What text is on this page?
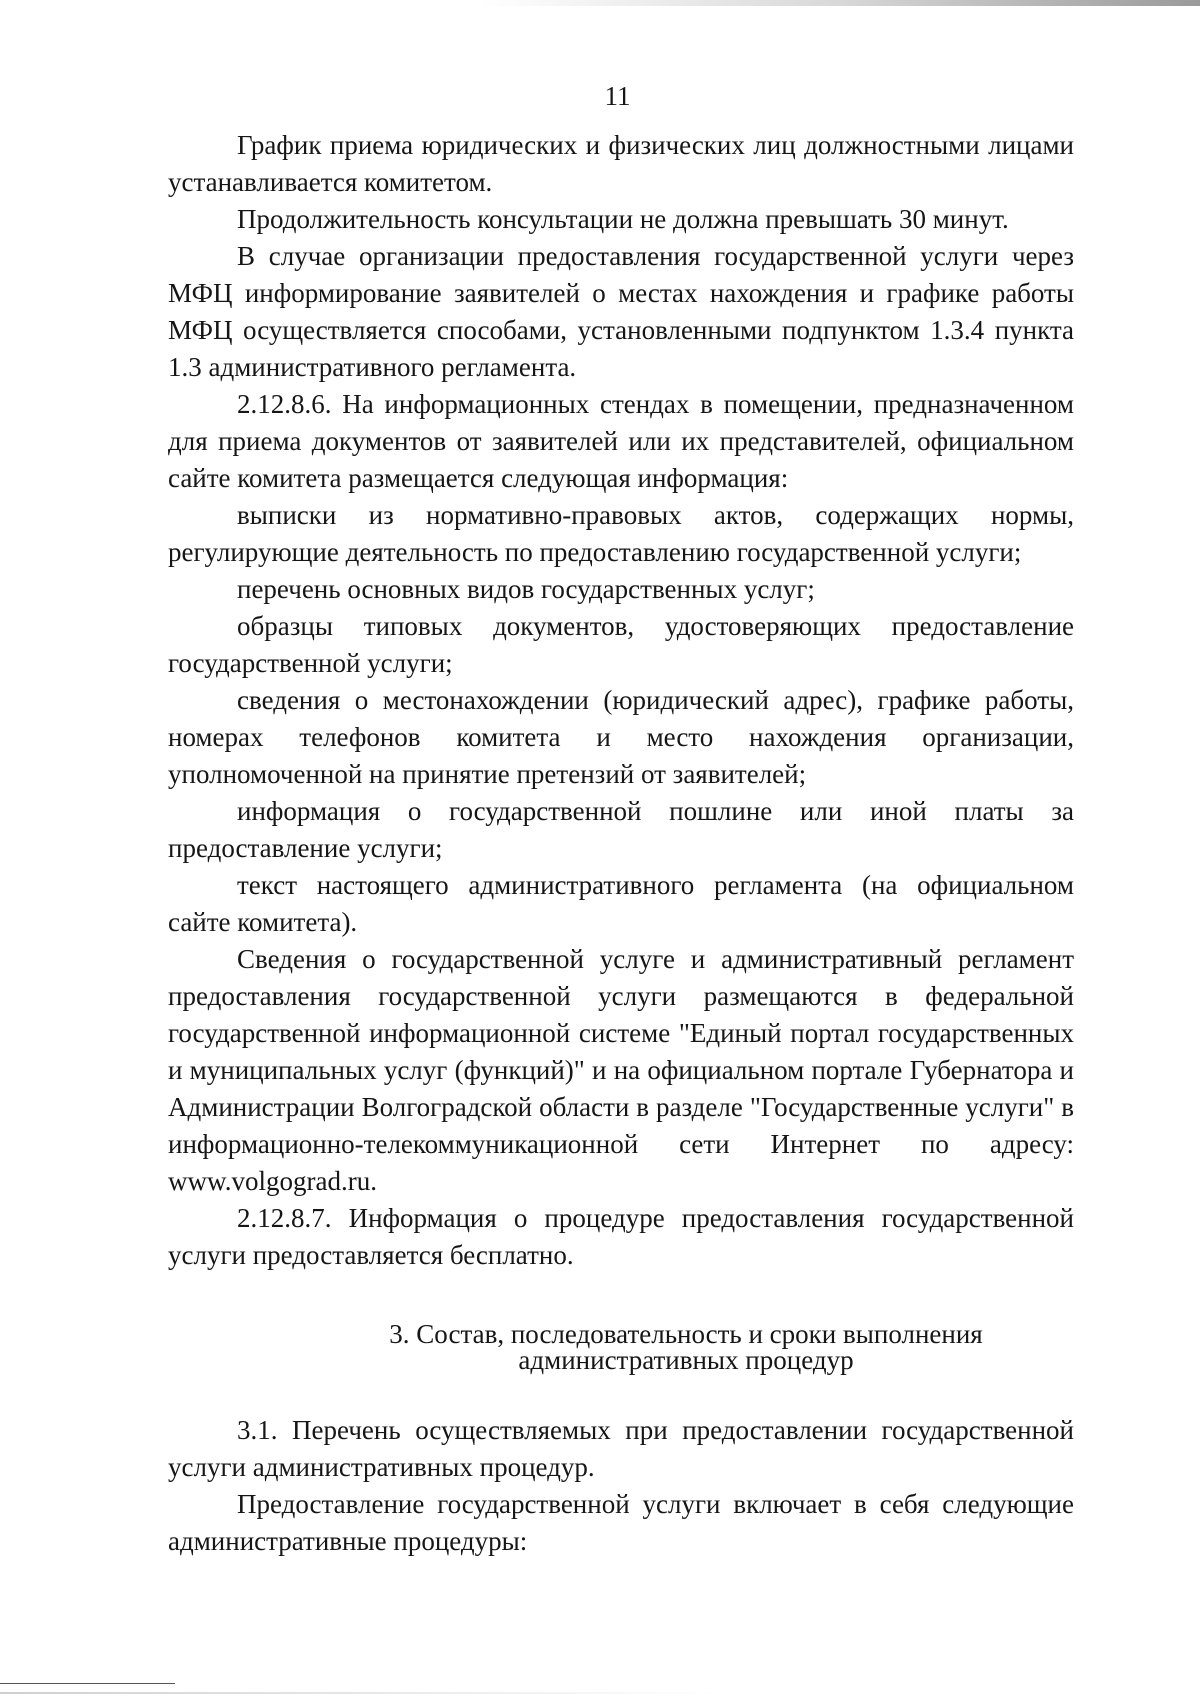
11

График приема юридических и физических лиц должностными лицами устанавливается комитетом.

Продолжительность консультации не должна превышать 30 минут.

В случае организации предоставления государственной услуги через МФЦ информирование заявителей о местах нахождения и графике работы МФЦ осуществляется способами, установленными подпунктом 1.3.4 пункта 1.3 административного регламента.

2.12.8.6. На информационных стендах в помещении, предназначенном для приема документов от заявителей или их представителей, официальном сайте комитета размещается следующая информация:

выписки из нормативно-правовых актов, содержащих нормы, регулирующие деятельность по предоставлению государственной услуги;

перечень основных видов государственных услуг;

образцы типовых документов, удостоверяющих предоставление государственной услуги;

сведения о местонахождении (юридический адрес), графике работы, номерах телефонов комитета и место нахождения организации, уполномоченной на принятие претензий от заявителей;

информация о государственной пошлине или иной платы за предоставление услуги;

текст настоящего административного регламента (на официальном сайте комитета).

Сведения о государственной услуге и административный регламент предоставления государственной услуги размещаются в федеральной государственной информационной системе "Единый портал государственных и муниципальных услуг (функций)" и на официальном портале Губернатора и Администрации Волгоградской области в разделе "Государственные услуги" в информационно-телекоммуникационной сети Интернет по адресу: www.volgograd.ru.

2.12.8.7. Информация о процедуре предоставления государственной услуги предоставляется бесплатно.

3. Состав, последовательность и сроки выполнения
административных процедур

3.1. Перечень осуществляемых при предоставлении государственной услуги административных процедур.

Предоставление государственной услуги включает в себя следующие административные процедуры:
